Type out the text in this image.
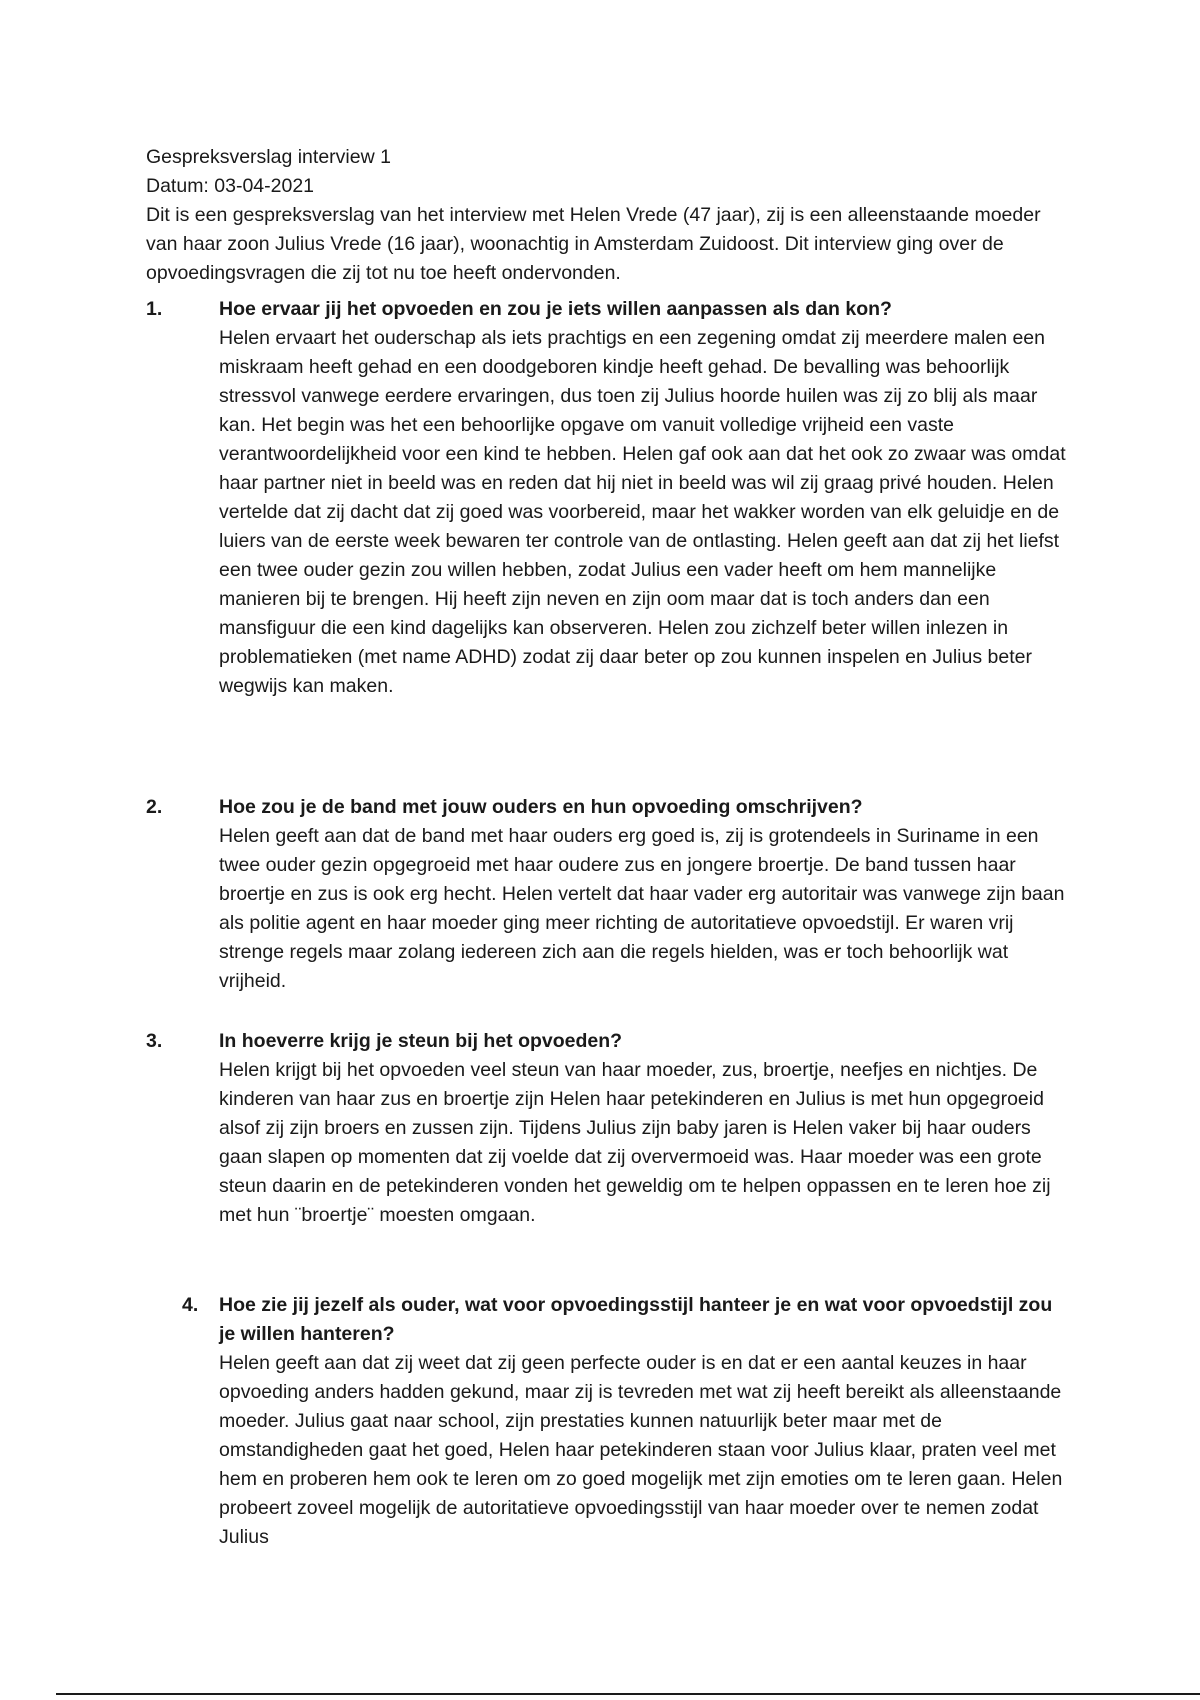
Gespreksverslag interview 1

Datum: 03-04-2021

Dit is een gespreksverslag van het interview met Helen Vrede (47 jaar), zij is een alleenstaande moeder van haar zoon Julius Vrede (16 jaar), woonachtig in Amsterdam Zuidoost. Dit interview ging over de opvoedingsvragen die zij tot nu toe heeft ondervonden.

1.	Hoe ervaar jij het opvoeden en zou je iets willen aanpassen als dan kon?

Helen ervaart het ouderschap als iets prachtigs en een zegening omdat zij meerdere malen een miskraam heeft gehad en een doodgeboren kindje heeft gehad. De bevalling was behoorlijk stressvol vanwege eerdere ervaringen, dus toen zij Julius hoorde huilen was zij zo blij als maar kan. Het begin was het een behoorlijke opgave om vanuit volledige vrijheid een vaste verantwoordelijkheid voor een kind te hebben. Helen gaf ook aan dat het ook zo zwaar was omdat haar partner niet in beeld was en reden dat hij niet in beeld was wil zij graag privé houden. Helen vertelde dat zij dacht dat zij goed was voorbereid, maar het wakker worden van elk geluidje en de luiers van de eerste week bewaren ter controle van de ontlasting. Helen geeft aan dat zij het liefst een twee ouder gezin zou willen hebben, zodat Julius een vader heeft om hem mannelijke manieren bij te brengen. Hij heeft zijn neven en zijn oom maar dat is toch anders dan een mansfiguur die een kind dagelijks kan observeren. Helen zou zichzelf beter willen inlezen in problematieken (met name ADHD) zodat zij daar beter op zou kunnen inspelen en Julius beter wegwijs kan maken.

2.	Hoe zou je de band met jouw ouders en hun opvoeding omschrijven?

Helen geeft aan dat de band met haar ouders erg goed is, zij is grotendeels in Suriname in een twee ouder gezin opgegroeid met haar oudere zus en jongere broertje. De band tussen haar broertje en zus is ook erg hecht. Helen vertelt dat haar vader erg autoritair was vanwege zijn baan als politie agent en haar moeder ging meer richting de autoritatieve opvoedstijl. Er waren vrij strenge regels maar zolang iedereen zich aan die regels hielden, was er toch behoorlijk wat vrijheid.

3.	In hoeverre krijg je steun bij het opvoeden?

Helen krijgt bij het opvoeden veel steun van haar moeder, zus, broertje, neefjes en nichtjes. De kinderen van haar zus en broertje zijn Helen haar petekinderen en Julius is met hun opgegroeid alsof zij zijn broers en zussen zijn. Tijdens Julius zijn baby jaren is Helen vaker bij haar ouders gaan slapen op momenten dat zij voelde dat zij oververmoeid was. Haar moeder was een grote steun daarin en de petekinderen vonden het geweldig om te helpen oppassen en te leren hoe zij met hun ¨broertje¨ moesten omgaan.

4. Hoe zie jij jezelf als ouder, wat voor opvoedingsstijl hanteer je en wat voor opvoedstijl zou je willen hanteren?

Helen geeft aan dat zij weet dat zij geen perfecte ouder is en dat er een aantal keuzes in haar opvoeding anders hadden gekund, maar zij is tevreden met wat zij heeft bereikt als alleenstaande moeder. Julius gaat naar school, zijn prestaties kunnen natuurlijk beter maar met de omstandigheden gaat het goed, Helen haar petekinderen staan voor Julius klaar, praten veel met hem en proberen hem ook te leren om zo goed mogelijk met zijn emoties om te leren gaan. Helen probeert zoveel mogelijk de autoritatieve opvoedingsstijl van haar moeder over te nemen zodat Julius
